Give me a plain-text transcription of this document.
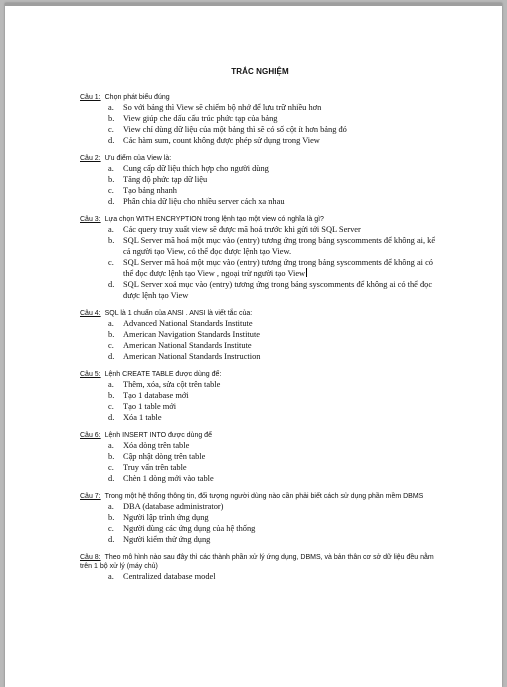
TRẮC NGHIỆM
Câu 1: Chọn phát biểu đúng
a.	So với bảng thì View sẽ chiếm bộ nhớ để lưu trữ nhiều hơn
b.	View giúp che dấu cấu trúc phức tạp của bảng
c.	View chỉ dùng dữ liệu của một bảng thì sẽ có số cột ít hơn bảng đó
d.	Các hàm sum, count không được phép sử dụng trong View
Câu 2: Ưu điểm của View là:
a.	Cung cấp dữ liệu thích hợp cho người dùng
b.	Tăng độ phức tạp dữ liệu
c.	Tạo bảng nhanh
d.	Phân chia dữ liệu cho nhiều server cách xa nhau
Câu 3: Lựa chọn WITH ENCRYPTION trong lệnh tạo một view có nghĩa là gì?
a.	Các query truy xuất view sẽ được mã hoá trước khi gửi tới SQL Server
b.	SQL Server mã hoá một mục vào (entry) tương ứng trong bảng syscomments để không ai, kể cả người tạo View, có thể đọc được lệnh tạo View.
c.	SQL Server mã hoá một mục vào (entry) tương ứng trong bảng syscomments để không ai có thể đọc được lệnh tạo View , ngoại trừ người tạo View
d.	SQL Server xoá mục vào (entry) tương ứng trong bảng syscomments để không ai có thể đọc được lệnh tạo View
Câu 4: SQL là 1 chuẩn của ANSI . ANSI là viết tắc của:
a.	Advanced National Standards Institute
b.	American Navigation Standards Institute
c.	American National Standards Institute
d.	American National Standards Instruction
Câu 5: Lệnh CREATE TABLE được dùng để:
a.	Thêm, xóa, sửa cột trên table
b.	Tạo 1 database mới
c.	Tạo 1 table mới
d.	Xóa 1 table
Câu 6: Lệnh INSERT INTO được dùng để
a.	Xóa dòng trên table
b.	Cập nhật dòng trên table
c.	Truy vấn trên table
d.	Chèn 1 dòng mới vào table
Câu 7: Trong một hệ thống thông tin, đối tượng người dùng nào cần phải biết cách sử dụng phần mềm DBMS
a.	DBA (database administrator)
b.	Người lập trình ứng dụng
c.	Người dùng các ứng dụng của hệ thống
d.	Người kiểm thử ứng dụng
Câu 8: Theo mô hình nào sau đây thì các thành phần xử lý ứng dụng, DBMS, và bản thân cơ sở dữ liệu đều nằm trên 1 bộ xử lý (máy chủ)
a.	Centralized database model
